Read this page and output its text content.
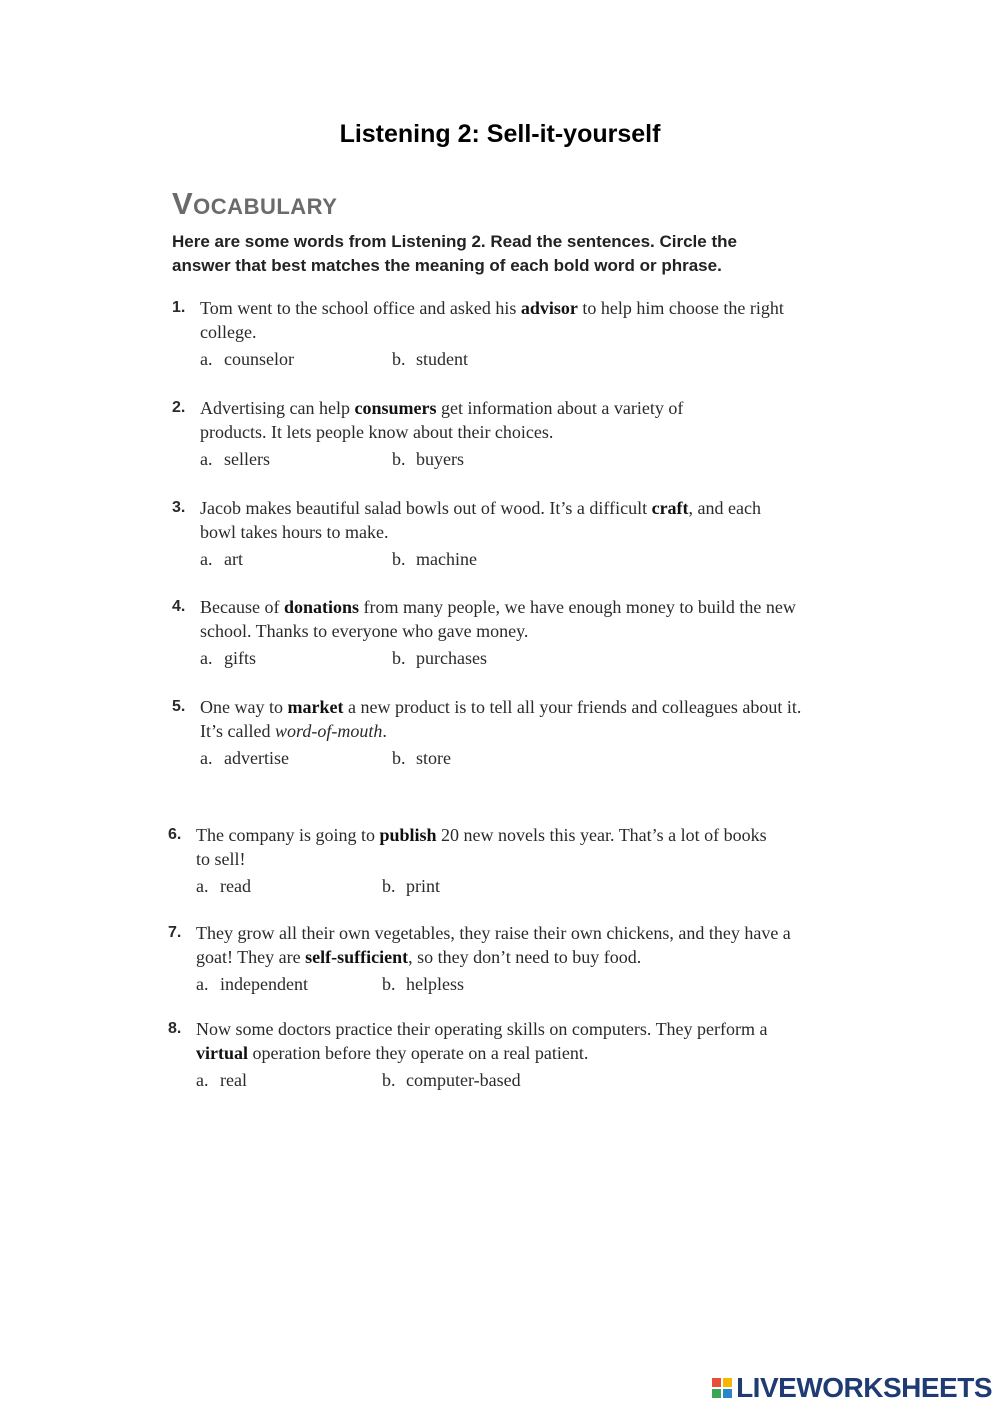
Listening 2: Sell-it-yourself
Vocabulary
Here are some words from Listening 2. Read the sentences. Circle the answer that best matches the meaning of each bold word or phrase.
1. Tom went to the school office and asked his advisor to help him choose the right college.
a. counselor	b. student
2. Advertising can help consumers get information about a variety of products. It lets people know about their choices.
a. sellers	b. buyers
3. Jacob makes beautiful salad bowls out of wood. It’s a difficult craft, and each bowl takes hours to make.
a. art	b. machine
4. Because of donations from many people, we have enough money to build the new school. Thanks to everyone who gave money.
a. gifts	b. purchases
5. One way to market a new product is to tell all your friends and colleagues about it. It’s called word-of-mouth.
a. advertise	b. store
6. The company is going to publish 20 new novels this year. That’s a lot of books to sell!
a. read	b. print
7. They grow all their own vegetables, they raise their own chickens, and they have a goat! They are self-sufficient, so they don’t need to buy food.
a. independent	b. helpless
8. Now some doctors practice their operating skills on computers. They perform a virtual operation before they operate on a real patient.
a. real	b. computer-based
LIVEWORKSHEETS
